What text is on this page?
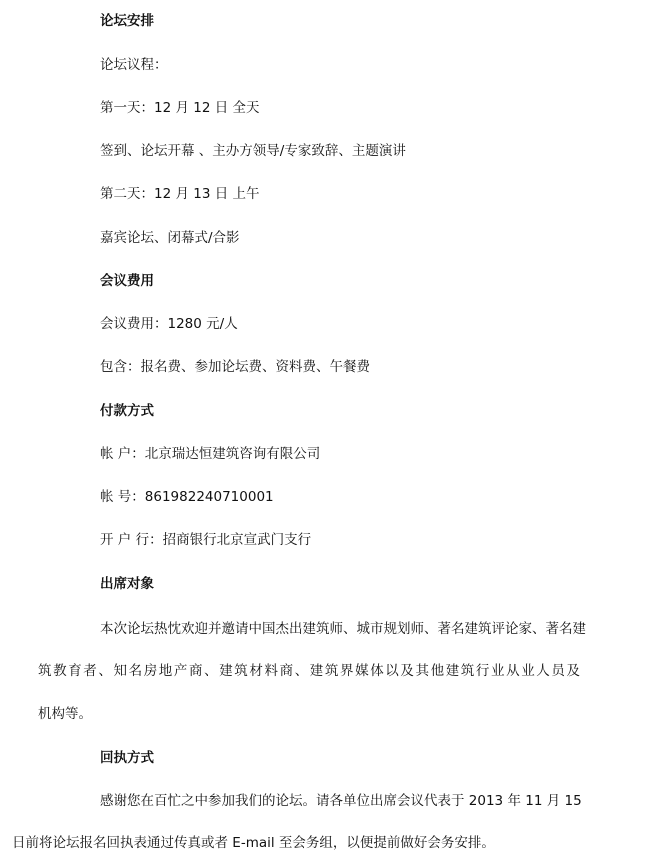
论坛安排
论坛议程：
第一天：12 月 12 日 全天
签到、论坛开幕 、主办方领导/专家致辞、主题演讲
第二天：12 月 13 日 上午
嘉宾论坛、闭幕式/合影
会议费用
会议费用：1280 元/人
包含：报名费、参加论坛费、资料费、午餐费
付款方式
帐 户：北京瑞达恒建筑咨询有限公司
帐 号：861982240710001
开 户 行：招商银行北京宣武门支行
出席对象
本次论坛热忱欢迎并邀请中国杰出建筑师、城市规划师、著名建筑评论家、著名建
筑教育者、知名房地产商、建筑材料商、建筑界媒体以及其他建筑行业从业人员及
机构等。
回执方式
感谢您在百忙之中参加我们的论坛。请各单位出席会议代表于 2013 年 11 月 15
日前将论坛报名回执表通过传真或者 E-mail 至会务组，以便提前做好会务安排。
